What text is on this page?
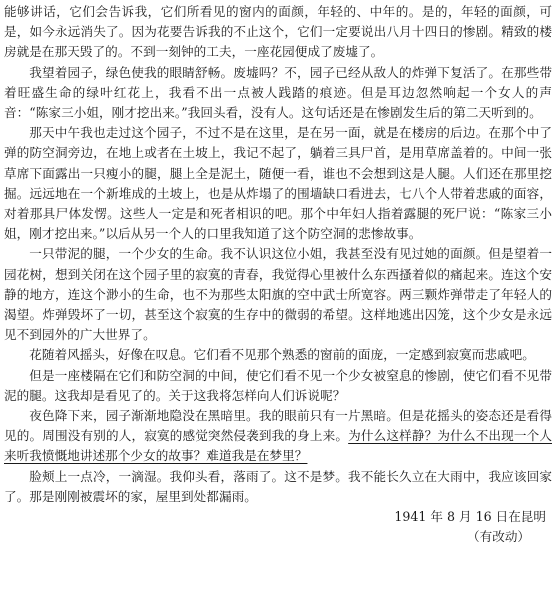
能够讲话，它们会告诉我，它们所看见的窗内的面颜，年轻的、中年的。是的，年轻的面颜，可是，如今永远消失了。因为花要告诉我的不止这个，它们一定要说出八月十四日的惨剧。精致的楼房就是在那天毁了的。不到一刻钟的工夫，一座花园便成了废墟了。

我望着园子，绿色使我的眼睛舒畅。废墟吗？不，园子已经从敌人的炸弹下复活了。在那些带着旺盛生命的绿叶红花上，我看不出一点被人践踏的痕迹。但是耳边忽然响起一个女人的声音：“陈家三小姐，刚才挖出来。”我回头看，没有人。这句话还是在惨剧发生后的第二天听到的。

那天中午我也走过这个园子，不过不是在这里，是在另一面，就是在楼房的后边。在那个中了弹的防空洞旁边，在地上或者在土坡上，我记不起了，躺着三具尸首，是用草席盖着的。中间一张草席下面露出一只瘦小的腿，腿上全是泥土，随便一看，谁也不会想到这是人腿。人们还在那里挖掘。远远地在一个新堆成的土坡上，也是从炸塌了的围墙缺口看进去，七八个人带着悲戚的面容，对着那具尸体发愣。这些人一定是和死者相识的吧。那个中年妇人指着露腿的死尸说：“陈家三小姐，刚才挖出来。”以后从另一个人的口里我知道了这个防空洞的悲惨故事。

一只带泥的腿，一个少女的生命。我不认识这位小姐，我甚至没有见过她的面颜。但是望着一园花树，想到关闭在这个园子里的寂寞的青春，我觉得心里被什么东西搔着似的痛起来。连这个安静的地方，连这个渺小的生命，也不为那些太阳旗的空中武士所宽容。两三颗炸弹带走了年轻人的渴望。炸弹毁坏了一切，甚至这个寂寞的生存中的微弱的希望。这样地逃出囚笼，这个少女是永远见不到园外的广大世界了。

花随着风摇头，好像在叹息。它们看不见那个熟悉的窗前的面庞，一定感到寂寞而悲戚吧。

但是一座楼隔在它们和防空洞的中间，使它们看不见一个少女被窒息的惨剧，使它们看不见带泥的腿。这我却是看见了的。关于这我将怎样向人们诉说呢？

夜色降下来，园子渐渐地隐没在黑暗里。我的眼前只有一片黑暗。但是花摇头的姿态还是看得见的。周围没有别的人，寂寞的感觉突然侵袭到我的身上来。为什么这样静？为什么不出现一个人来听我愤慨地讲述那个少女的故事？难道我是在梦里？

脸颊上一点冷，一滴湿。我仰头看，落雨了。这不是梦。我不能长久立在大雨中，我应该回家了。那是刚刚被震坏的家，屋里到处都漏雨。

1941 年 8 月 16 日在昆明

（有改动）
